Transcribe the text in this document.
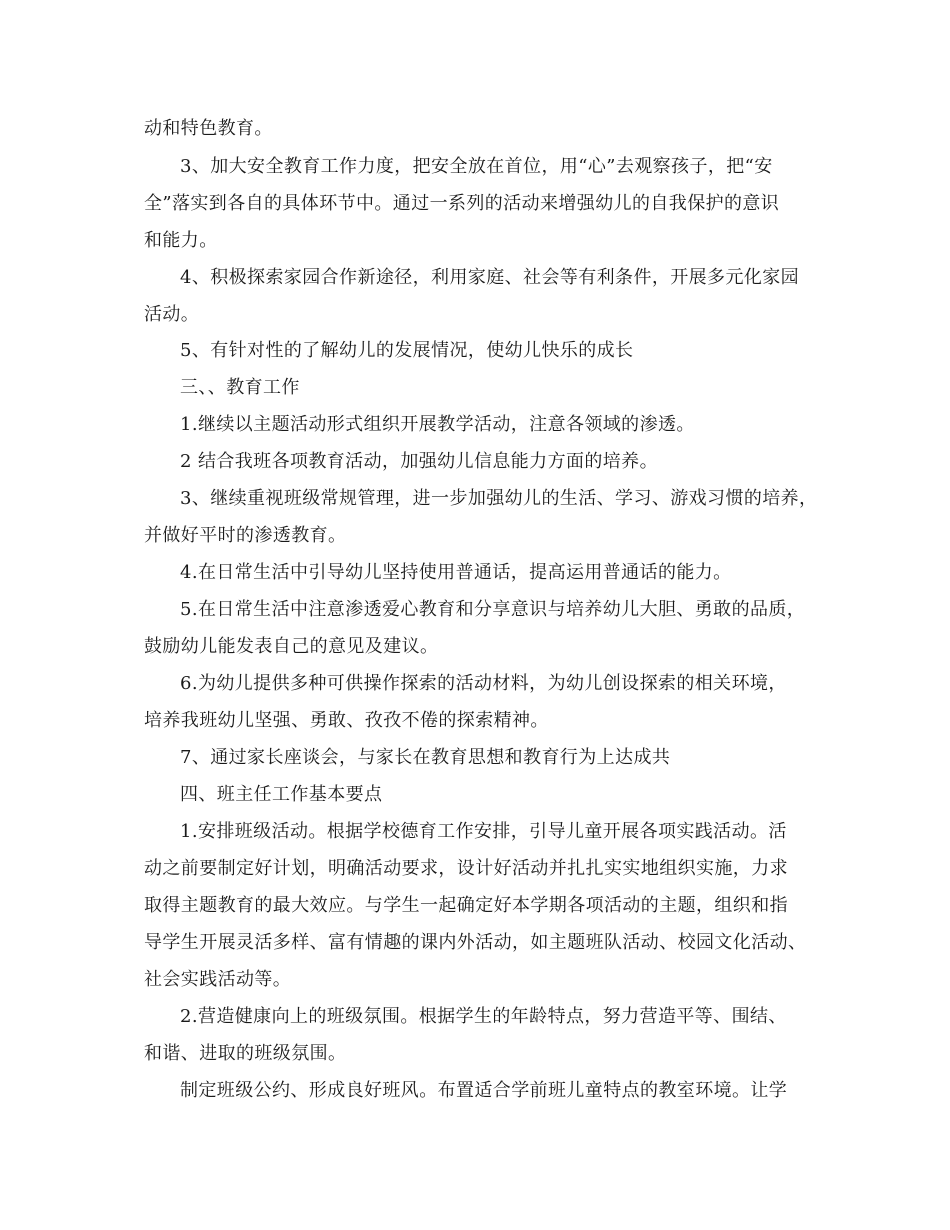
动和特色教育。

3、加大安全教育工作力度，把安全放在首位，用“心”去观察孩子，把“安

全”落实到各自的具体环节中。通过一系列的活动来增强幼儿的自我保护的意识

和能力。

4、积极探索家园合作新途径，利用家庭、社会等有利条件，开展多元化家园

活动。

5、有针对性的了解幼儿的发展情况，使幼儿快乐的成长

三、、教育工作

1.继续以主题活动形式组织开展教学活动，注意各领域的渗透。

2 结合我班各项教育活动，加强幼儿信息能力方面的培养。

3、继续重视班级常规管理，进一步加强幼儿的生活、学习、游戏习惯的培养，

并做好平时的渗透教育。

4.在日常生活中引导幼儿坚持使用普通话，提高运用普通话的能力。

5.在日常生活中注意渗透爱心教育和分享意识与培养幼儿大胆、勇敢的品质，

鼓励幼儿能发表自己的意见及建议。

6.为幼儿提供多种可供操作探索的活动材料，为幼儿创设探索的相关环境，

培养我班幼儿坚强、勇敢、孜孜不倦的探索精神。

7、通过家长座谈会，与家长在教育思想和教育行为上达成共

四、班主任工作基本要点

1.安排班级活动。根据学校德育工作安排，引导儿童开展各项实践活动。活

动之前要制定好计划，明确活动要求，设计好活动并扎扎实实地组织实施，力求

取得主题教育的最大效应。与学生一起确定好本学期各项活动的主题，组织和指

导学生开展灵活多样、富有情趣的课内外活动，如主题班队活动、校园文化活动、

社会实践活动等。

2.营造健康向上的班级氛围。根据学生的年龄特点，努力营造平等、围结、

和谐、进取的班级氛围。

制定班级公约、形成良好班风。布置适合学前班儿童特点的教室环境。让学
